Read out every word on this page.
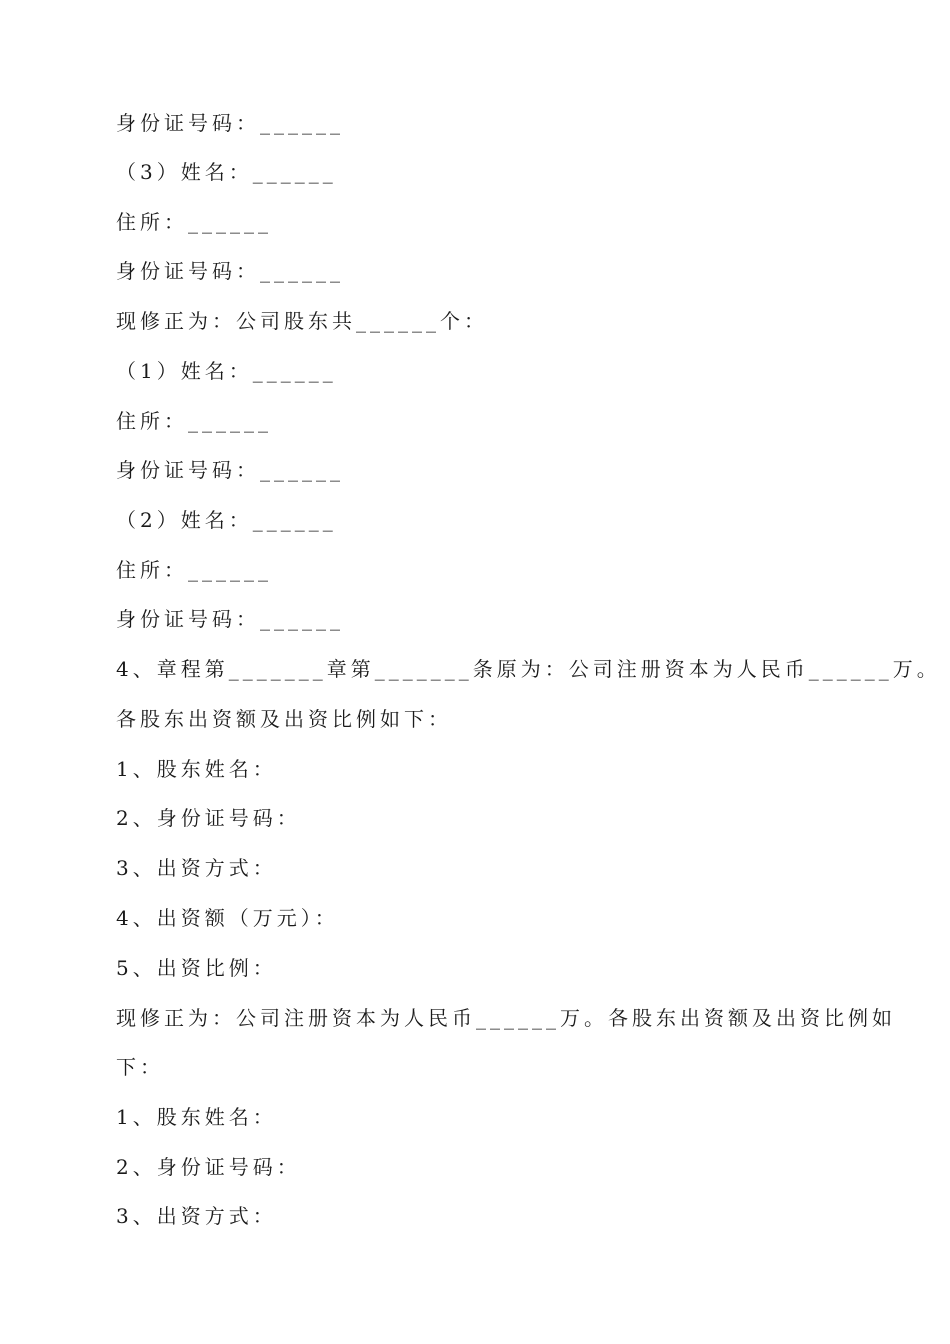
身份证号码：______
（3）姓名：______
住所：______
身份证号码：______
现修正为：公司股东共______个：
（1）姓名：______
住所：______
身份证号码：______
（2）姓名：______
住所：______
身份证号码：______
4、章程第_______章第_______条原为：公司注册资本为人民币______万。
各股东出资额及出资比例如下：
1、股东姓名：
2、身份证号码：
3、出资方式：
4、出资额（万元）：
5、出资比例：
现修正为：公司注册资本为人民币______万。各股东出资额及出资比例如
下：
1、股东姓名：
2、身份证号码：
3、出资方式：
